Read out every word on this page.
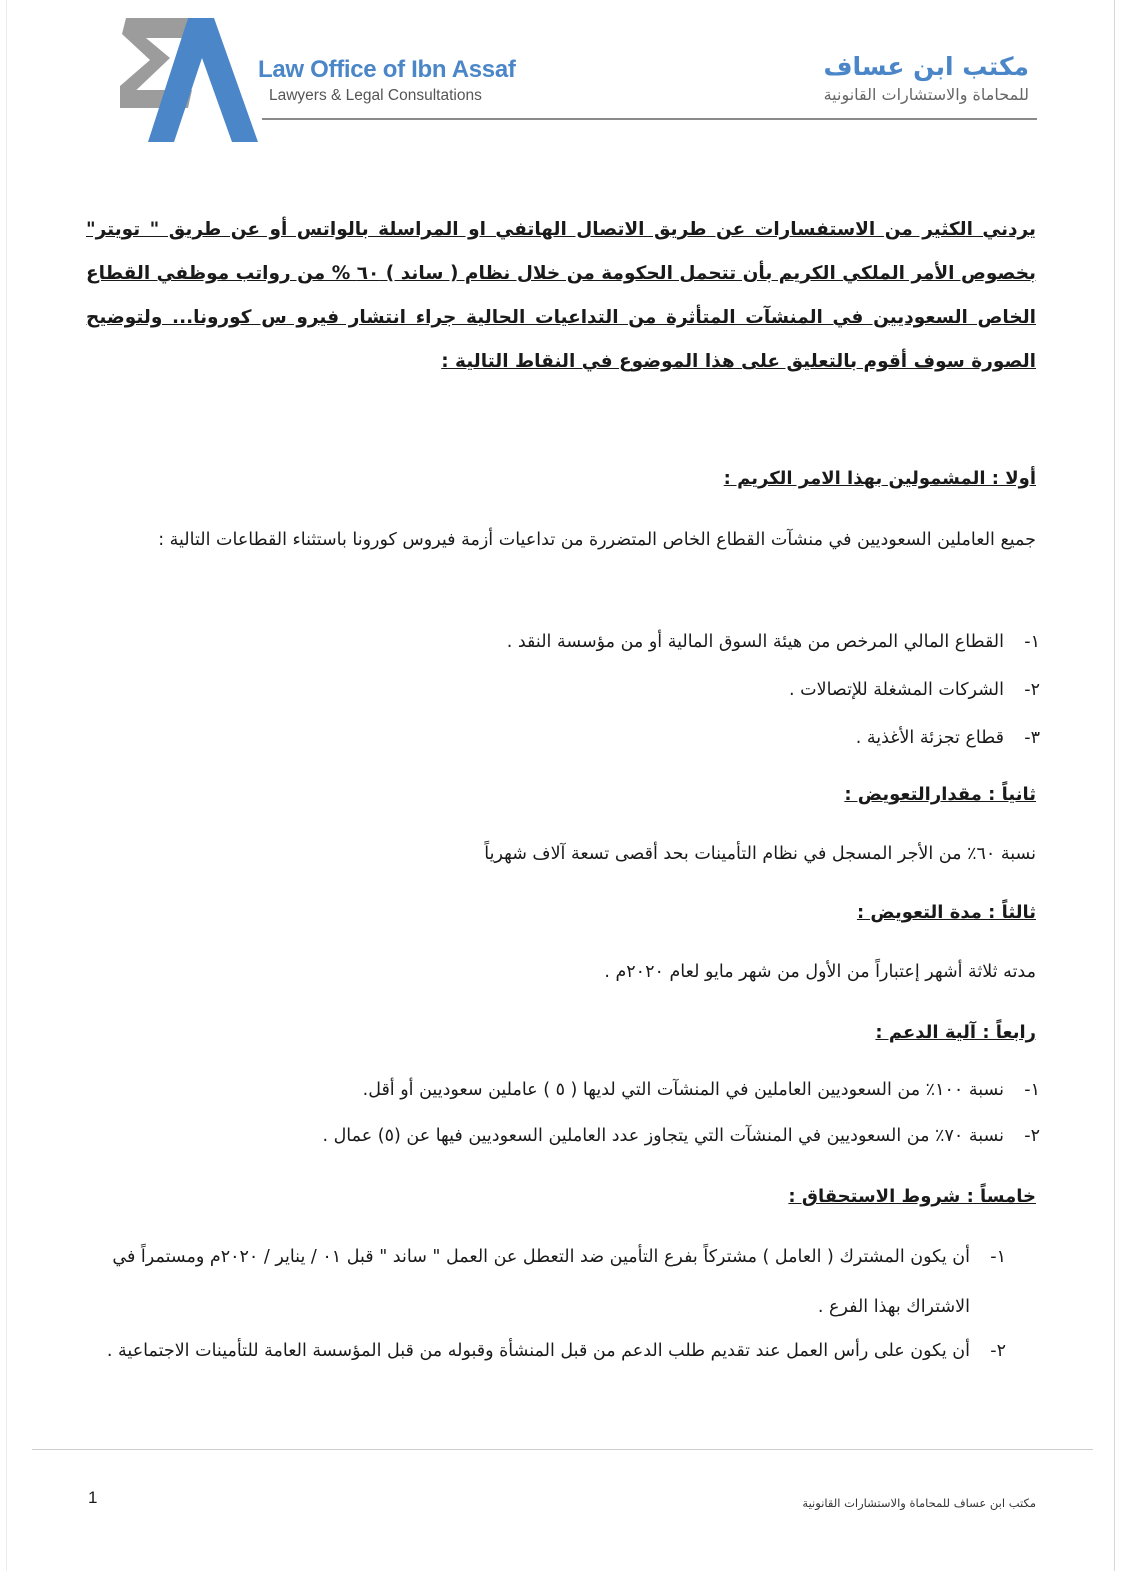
Law Office of Ibn Assaf
Lawyers & Legal Consultations
مكتب ابن عساف
للمحاماة والاستشارات القانونية
يردني الكثير من الاستفسارات عن طريق الاتصال الهاتفي او المراسلة بالواتس أو عن طريق " تويتر" بخصوص الأمر الملكي الكريم بأن تتحمل الحكومة من خلال نظام ( ساند ) ٦٠ % من رواتب موظفي القطاع الخاص السعوديين في المنشآت المتأثرة من التداعيات الحالية جراء انتشار فيرو س كورونا... ولتوضيح الصورة سوف أقوم بالتعليق على هذا الموضوع في النقاط التالية :
أولا : المشمولين بهذا الامر الكريم :
جميع العاملين السعوديين في منشآت القطاع الخاص المتضررة من تداعيات أزمة فيروس كورونا باستثناء القطاعات التالية :
١-
القطاع المالي المرخص من هيئة السوق المالية أو من مؤسسة النقد .
٢-
الشركات المشغلة للإتصالات .
٣-
قطاع تجزئة الأغذية .
ثانياً : مقدارالتعويض :
نسبة ٦٠٪ من الأجر المسجل في نظام التأمينات بحد أقصى تسعة آلاف شهرياً
ثالثاً : مدة التعويض :
مدته ثلاثة أشهر إعتباراً من الأول من شهر مايو لعام ٢٠٢٠م .
رابعاً : آلية الدعم :
١-
نسبة ١٠٠٪ من السعوديين العاملين في المنشآت التي لديها ( ٥ ) عاملين سعوديين أو أقل.
٢-
نسبة ٧٠٪ من السعوديين في المنشآت التي يتجاوز عدد العاملين السعوديين فيها عن (٥) عمال .
خامساً : شروط الاستحقاق :
١-
أن يكون المشترك ( العامل ) مشتركاً بفرع التأمين ضد التعطل عن العمل " ساند " قبل ٠١ / يناير / ٢٠٢٠م ومستمراً في الاشتراك بهذا الفرع .
٢-
أن يكون على رأس العمل عند تقديم طلب الدعم من قبل المنشأة وقبوله من قبل المؤسسة العامة للتأمينات الاجتماعية .
1	مكتب ابن عساف للمحاماة والاستشارات القانونية
